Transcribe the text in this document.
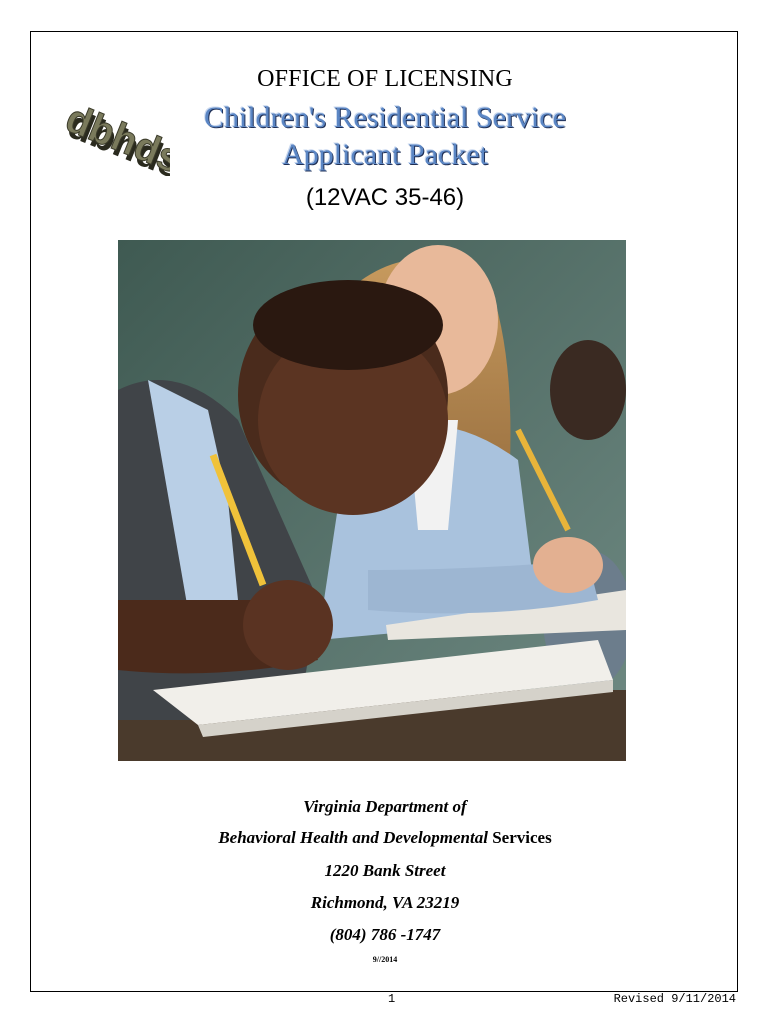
dbhds
dbhds
OFFICE OF LICENSING
Children's Residential Service
Applicant Packet
(12VAC 35-46)
Virginia Department of
Behavioral Health and Developmental Services
1220 Bank Street
Richmond, VA 23219
(804) 786 -1747
9//2014
1	Revised 9/11/2014
